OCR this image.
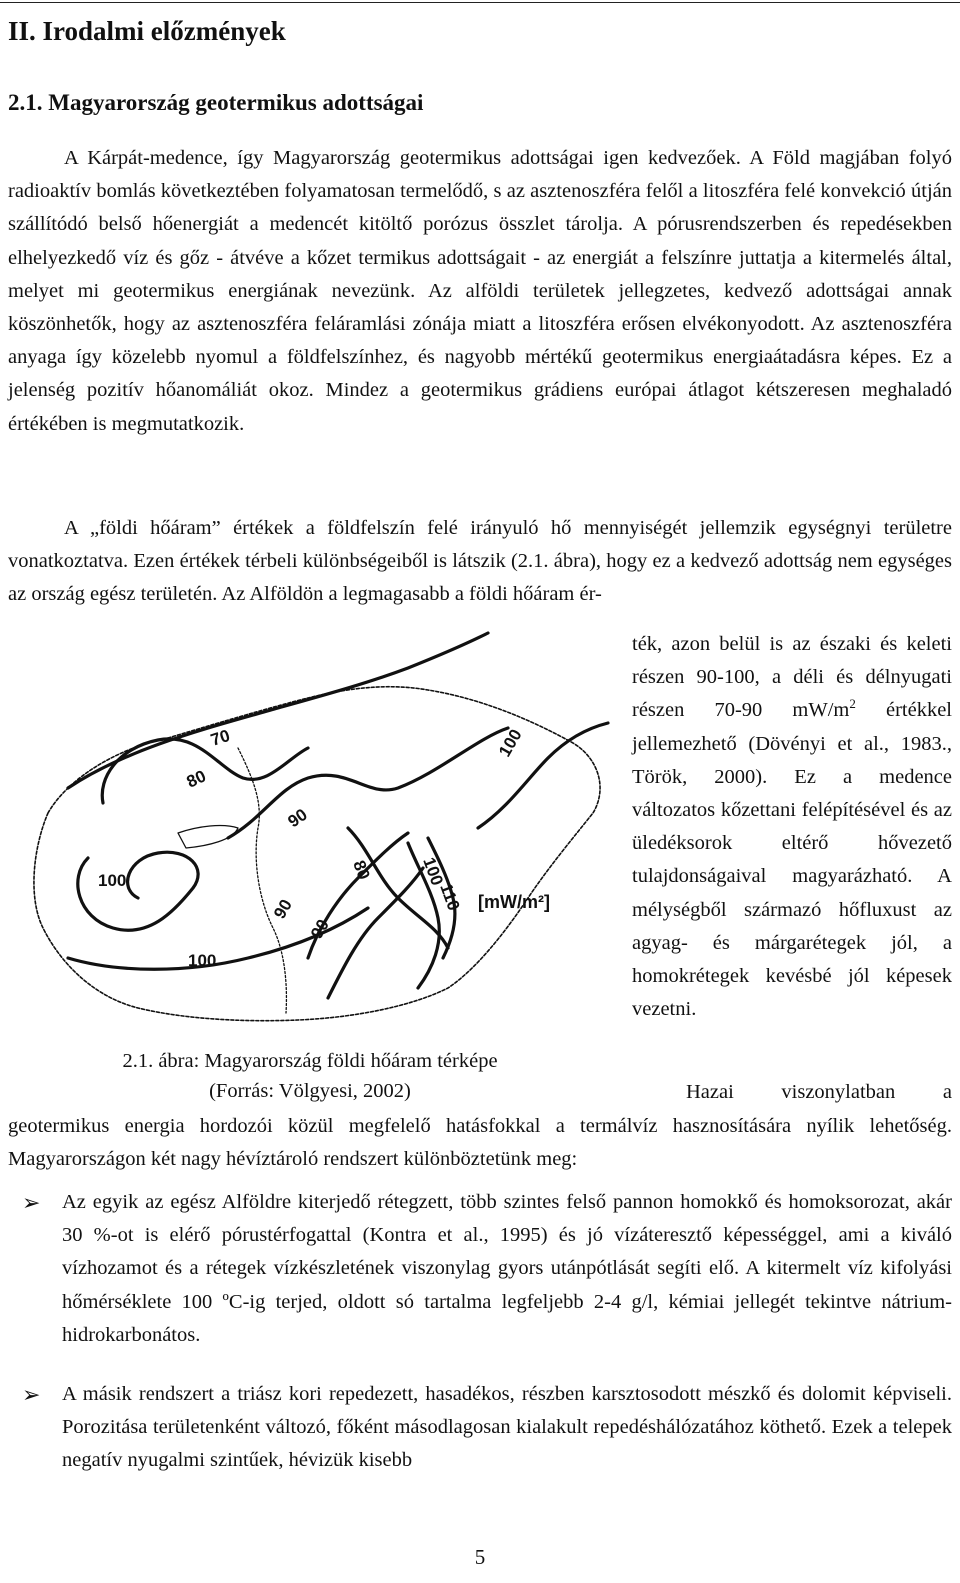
II. Irodalmi előzmények
2.1. Magyarország geotermikus adottságai
A Kárpát-medence, így Magyarország geotermikus adottságai igen kedvezőek. A Föld magjában folyó radioaktív bomlás következtében folyamatosan termelődő, s az asztenoszféra felől a litoszféra felé konvekció útján szállítódó belső hőenergiát a medencét kitöltő porózus összlet tárolja. A pórusrendszerben és repedésekben elhelyezkedő víz és gőz - átvéve a kőzet termikus adottságait - az energiát a felszínre juttatja a kitermelés által, melyet mi geotermikus energiának nevezünk. Az alföldi területek jellegzetes, kedvező adottságai annak köszönhetők, hogy az asztenoszféra feláramlási zónája miatt a litoszféra erősen elvékonyodott. Az asztenoszféra anyaga így közelebb nyomul a földfelszínhez, és nagyobb mértékű geotermikus energiaátadásra képes. Ez a jelenség pozitív hőanomáliát okoz. Mindez a geotermikus grádiens európai átlagot kétszeresen meghaladó értékében is megmutatkozik.
A „földi hőáram” értékek a földfelszín felé irányuló hő mennyiségét jellemzik egységnyi területre vonatkoztatva. Ezen értékek térbeli különbségeiből is látszik (2.1. ábra), hogy ez a kedvező adottság nem egységes az ország egész területén. Az Alföldön a legmagasabb a földi hőáram ér-
ték, azon belül is az északi és keleti részen 90-100, a déli és délnyugati részen 70-90 $mW/m^2$ értékkel jellemezhető (Dövényi et al., 1983., Török, 2000). Ez a medence változatos kőzettani felépítésével és az üledéksorok eltérő hővezető tulajdonságaival magyarázható. A mélységből származó hőfluxust az agyag- és márgarétegek jól, a homokrétegek kevésbé jól képesek vezetni.
70
80
90
100
100
100
90
90
80	100
110 [mW/m²]
2.1. ábra: Magyarország földi hőáram térképe
(Forrás: Völgyesi, 2002)	Hazai viszonylatban a
geotermikus energia hordozói közül megfelelő hatásfokkal a termálvíz hasznosítására nyílik lehetőség. Magyarországon két nagy hévíztároló rendszert különböztetünk meg:
➢ Az egyik az egész Alföldre kiterjedő rétegzett, több szintes felső pannon homokkő és homoksorozat, akár 30 %-ot is elérő pórustérfogattal (Kontra et al., 1995) és jó vízáteresztő képességgel, ami a kiváló vízhozamot és a rétegek vízkészletének viszonylag gyors utánpótlását segíti elő. A kitermelt víz kifolyási hőmérséklete 100 ºC-ig terjed, oldott só tartalma legfeljebb 2-4 g/l, kémiai jellegét tekintve nátrium-hidrokarbonátos.
➢ A másik rendszert a triász kori repedezett, hasadékos, részben karsztosodott mészkő és dolomit képviseli. Porozitása területenként változó, főként másodlagosan kialakult repedéshálózatához köthető. Ezek a telepek negatív nyugalmi szintűek, hévizük kisebb
5
